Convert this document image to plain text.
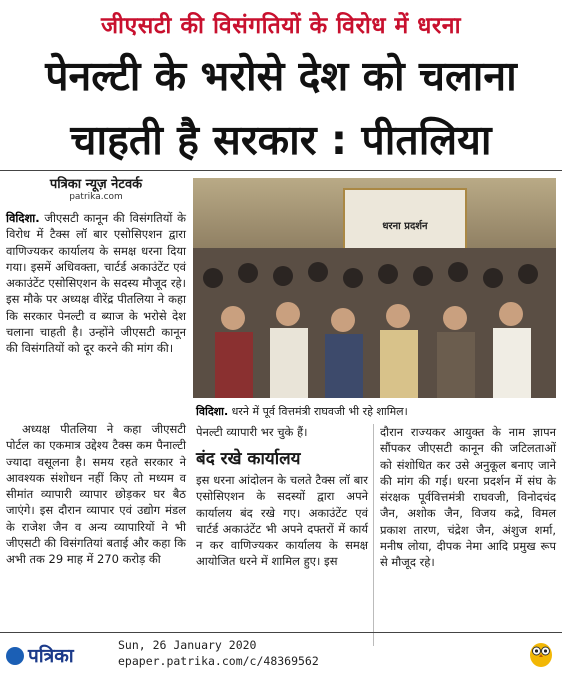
जीएसटी की विसंगतियों के विरोध में धरना
पेनल्टी के भरोसे देश को चलाना
चाहती है सरकार : पीतलिया
पत्रिका न्यूज़ नेटवर्क
patrika.com

विदिशा. जीएसटी कानून की विसंगतियों के विरोध में टैक्स लॉ बार एसोसिएशन द्वारा वाणिज्यकर कार्यालय के समक्ष धरना दिया गया। इसमें अधिवक्ता, चार्टर्ड अकाउंटेंट एवं अकाउंटेंट एसोसिएशन के सदस्य मौजूद रहे। इस मौके पर अध्यक्ष वीरेंद्र पीतलिया ने कहा कि सरकार पेनल्टी व ब्याज के भरोसे देश चलाना चाहती है। उन्होंने जीएसटी कानून की विसंगतियों को दूर करने की मांग की।

अध्यक्ष पीतलिया ने कहा जीएसटी पोर्टल का एकमात्र उद्देश्य टैक्स कम पैनाल्टी ज्यादा वसूलना है। समय रहते सरकार ने आवश्यक संशोधन नहीं किए तो मध्यम व सीमांत व्यापारी व्यापार छोड़कर घर बैठ जाएंगे। इस दौरान व्यापार एवं उद्योग मंडल के राजेश जैन व अन्य व्यापारियों ने भी जीएसटी की विसंगतियां बताई और कहा कि अभी तक 29 माह में 270 करोड़ की

धरना प्रदर्शन
विदिशा. धरने में पूर्व वित्तमंत्री राघवजी भी रहे शामिल।

पेनल्टी व्यापारी भर चुके हैं।

बंद रखे कार्यालय

इस धरना आंदोलन के चलते टैक्स लॉ बार एसोसिएशन के सदस्यों द्वारा अपने कार्यालय बंद रखे गए। अकाउंटेंट एवं चार्टर्ड अकाउंटेंट भी अपने दफ्तरों में कार्य न कर वाणिज्यकर कार्यालय के समक्ष आयोजित धरने में शामिल हुए। इस

दौरान राज्यकर आयुक्त के नाम ज्ञापन सौंपकर जीएसटी कानून की जटिलताओं को संशोधित कर उसे अनुकूल बनाए जाने की मांग की गई। धरना प्रदर्शन में संघ के संरक्षक पूर्ववित्तमंत्री राघवजी, विनोदचंद जैन, अशोक जैन, विजय कद्रे, विमल प्रकाश तारण, चंद्रेश जैन, अंशुज शर्मा, मनीष लोया, दीपक नेमा आदि प्रमुख रूप से मौजूद रहे।

पत्रिका	Sun, 26 January 2020
epaper.patrika.com/c/48369562
